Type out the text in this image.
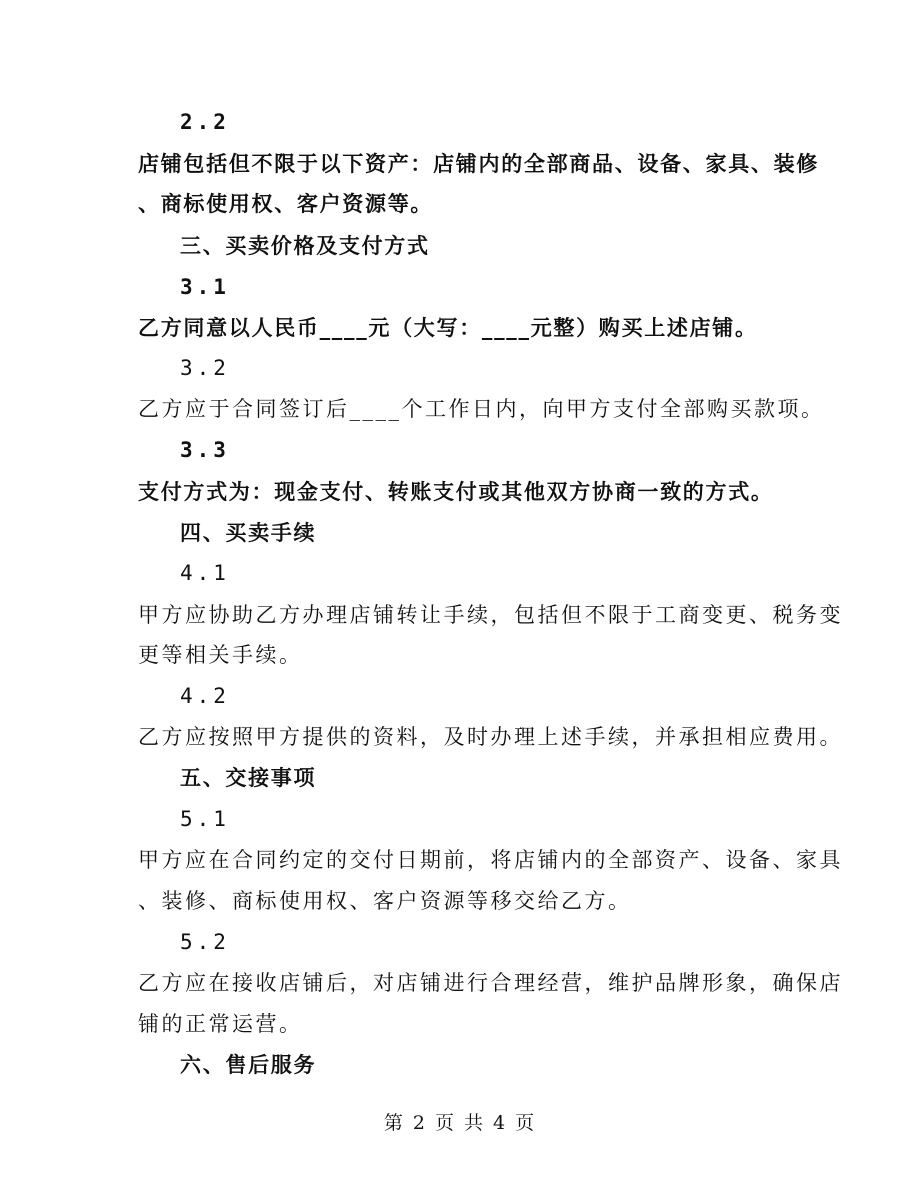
2.2
店铺包括但不限于以下资产：店铺内的全部商品、设备、家具、装修
、商标使用权、客户资源等。
三、买卖价格及支付方式
3.1
乙方同意以人民币____元（大写：____元整）购买上述店铺。
3.2
乙方应于合同签订后____个工作日内，向甲方支付全部购买款项。
3.3
支付方式为：现金支付、转账支付或其他双方协商一致的方式。
四、买卖手续
4.1
甲方应协助乙方办理店铺转让手续，包括但不限于工商变更、税务变
更等相关手续。
4.2
乙方应按照甲方提供的资料，及时办理上述手续，并承担相应费用。
五、交接事项
5.1
甲方应在合同约定的交付日期前，将店铺内的全部资产、设备、家具
、装修、商标使用权、客户资源等移交给乙方。
5.2
乙方应在接收店铺后，对店铺进行合理经营，维护品牌形象，确保店
铺的正常运营。
六、售后服务
第 2 页 共 4 页
